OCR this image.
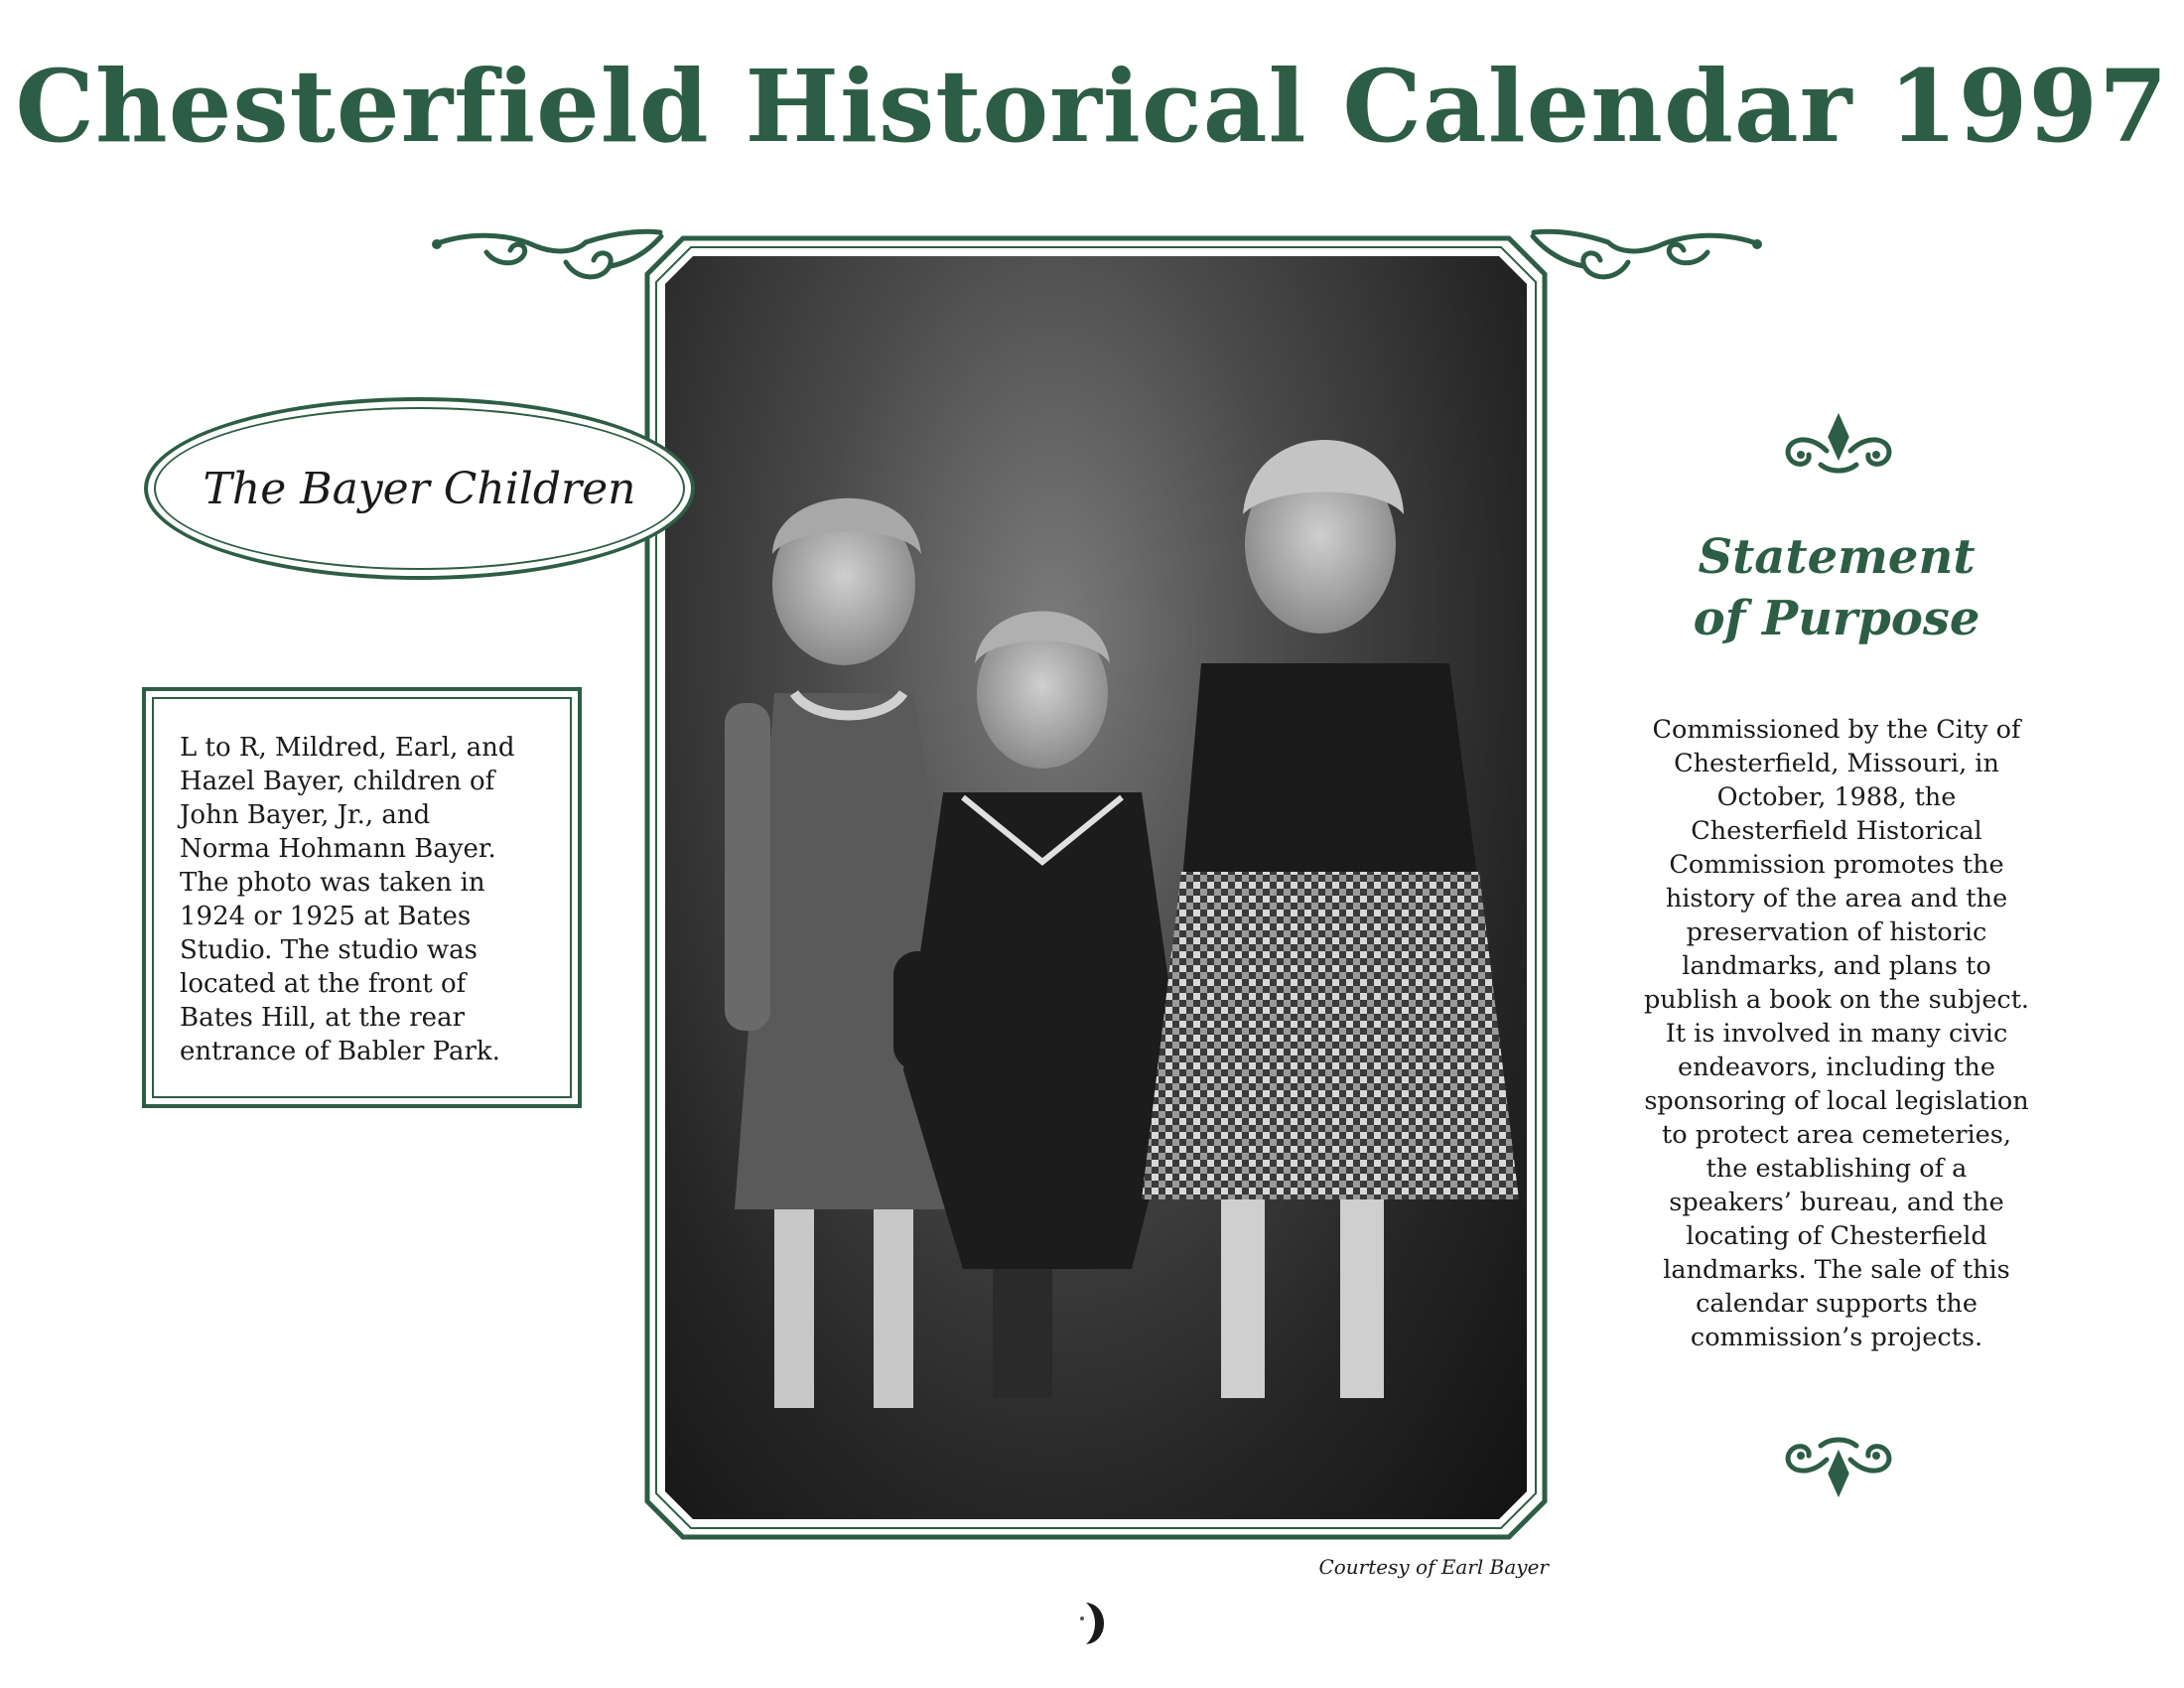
Chesterfield Historical Calendar 1997
The Bayer Children
L to R, Mildred, Earl, and
Hazel Bayer, children of
John Bayer, Jr., and
Norma Hohmann Bayer.
The photo was taken in
1924 or 1925 at Bates
Studio. The studio was
located at the front of
Bates Hill, at the rear
entrance of Babler Park.
Statement
of Purpose
Commissioned by the City of
Chesterfield, Missouri, in
October, 1988, the
Chesterfield Historical
Commission promotes the
history of the area and the
preservation of historic
landmarks, and plans to
publish a book on the subject.
It is involved in many civic
endeavors, including the
sponsoring of local legislation
to protect area cemeteries,
the establishing of a
speakers’ bureau, and the
locating of Chesterfield
landmarks. The sale of this
calendar supports the
commission’s projects.
Courtesy of Earl Bayer
